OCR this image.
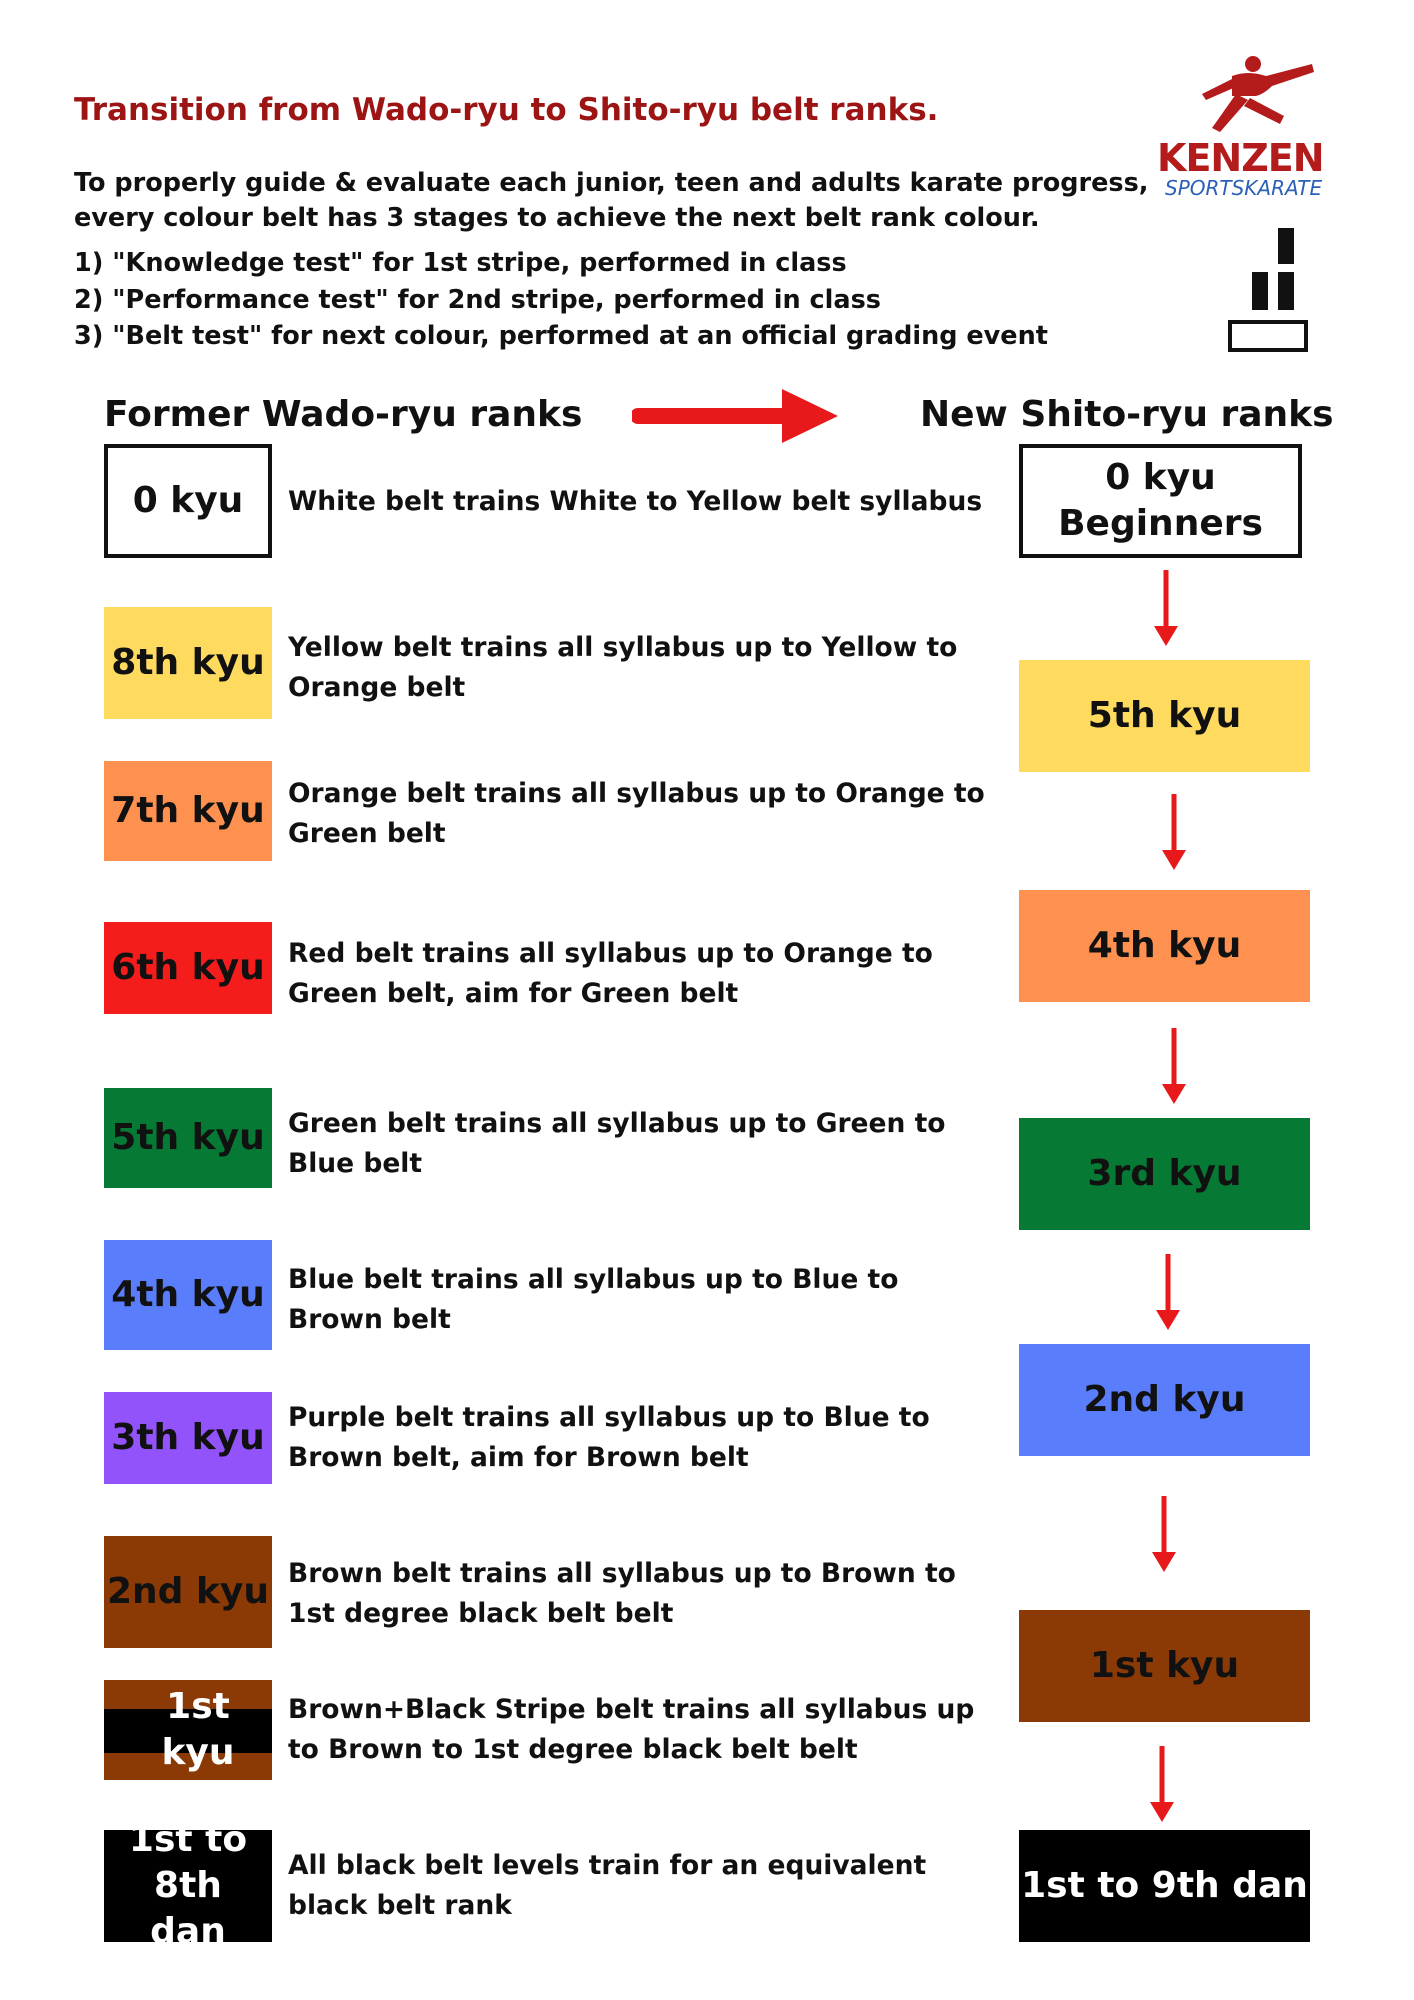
Transition from Wado-ryu to Shito-ryu belt ranks.
To properly guide & evaluate each junior, teen and adults karate progress, every colour belt has 3 stages to achieve the next belt rank colour.
1) "Knowledge test" for 1st stripe, performed in class
2) "Performance test" for 2nd stripe, performed in class
3) "Belt test" for next colour, performed at an official grading event
KENZEN
SPORTSKARATE
Former Wado-ryu ranks	New Shito-ryu ranks
0 kyu
8th kyu
7th kyu
6th kyu
5th kyu
4th kyu
3th kyu
2nd kyu
1st kyu
1st to 8th dan
White belt trains White to Yellow belt syllabus
Yellow belt trains all syllabus up to Yellow to Orange belt
Orange belt trains all syllabus up to Orange to Green belt
Red belt trains all syllabus up to Orange to Green belt, aim for Green belt
Green belt trains all syllabus up to Green to Blue belt
Blue belt trains all syllabus up to Blue to Brown belt
Purple belt trains all syllabus up to Blue to Brown belt, aim for Brown belt
Brown belt trains all syllabus up to Brown to 1st degree black belt belt
Brown+Black Stripe belt trains all syllabus up to Brown to 1st degree black belt belt
All black belt levels train for an equivalent black belt rank
0 kyu Beginners
5th kyu
4th kyu
3rd kyu
2nd kyu
1st kyu
1st to 9th dan
